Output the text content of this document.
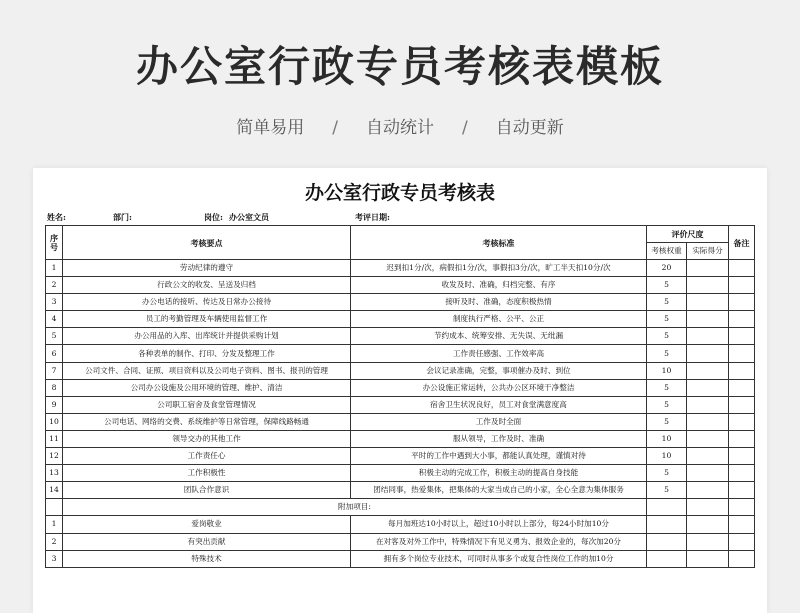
办公室行政专员考核表模板
简单易用 / 自动统计 / 自动更新
办公室行政专员考核表
姓名:	部门:	岗位: 办公室文员	考评日期:
序号	考核要点	考核标准	评价尺度		备注
			考核权重	实际得分	
1	劳动纪律的遵守	迟到扣1分/次，病假扣1分/次，事假扣3分/次，旷工半天扣10分/次	20		
2	行政公文的收发、呈送及归档	收发及时、准确，归档完整、有序	5		
3	办公电话的接听、传达及日常办公接待	接听及时、准确，态度积极热情	5		
4	员工的考勤管理及车辆使用监督工作	制度执行严格、公平、公正	5		
5	办公用品的入库、出库统计并提供采购计划	节约成本、统筹安排、无失误、无纰漏	5		
6	各种表单的制作、打印、分发及整理工作	工作责任感强、工作效率高	5		
7	公司文件、合同、证照、项目资料以及公司电子资料、图书、报刊的管理	会议记录准确，完整，事项催办及时、到位	10		
8	公司办公设施及公用环境的管理、维护、清洁	办公设施正常运转，公共办公区环境干净整洁	5		
9	公司职工宿舍及食堂管理情况	宿舍卫生状况良好，员工对食堂满意度高	5		
10	公司电话、网络的交费、系统维护等日常管理，保障线路畅通	工作及时全面	5		
11	领导交办的其他工作	服从领导，工作及时、准确	10		
12	工作责任心	平时的工作中遇到大小事，都能认真处理，谨慎对待	10		
13	工作积极性	积极主动的完成工作，积极主动的提高自身技能	5		
14	团队合作意识	团结同事，热爱集体，把集体的大家当成自己的小家，全心全意为集体服务	5		
	附加项目:				
1	爱岗敬业	每月加班达10小时以上，超过10小时以上部分，每24小时加10分			
2	有突出贡献	在对客及对外工作中，特殊情况下有见义勇为、报效企业的，每次加20分			
3	特殊技术	拥有多个岗位专业技术，可同时从事多个或复合性岗位工作的加10分			
